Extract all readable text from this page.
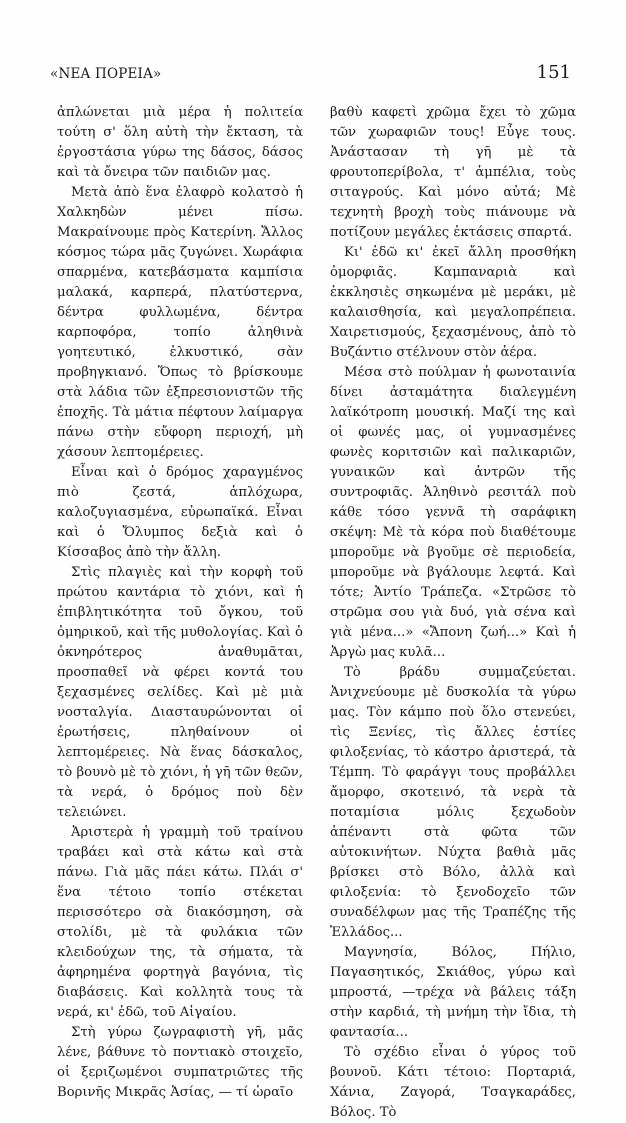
«ΝΕΑ ΠΟΡΕΙΑ»	151

ἁπλώνεται μιὰ μέρα ἡ πολιτεία τούτη σ' ὅλη αὐτὴ τὴν ἔκταση, τὰ ἐργοστάσια γύρω της δάσος, δάσος καὶ τὰ ὄνειρα τῶν παιδιῶν μας.

Μετὰ ἀπὸ ἕνα ἐλαφρὸ κολατσὸ ἡ Χαλκηδὼν μένει πίσω. Μακραίνουμε πρὸς Κατερίνη. Ἄλλος κόσμος τώρα μᾶς ζυγώνει. Χωράφια σπαρμένα, κατεβάσματα καμπίσια μαλακά, καρπερά, πλατύστερνα, δέντρα φυλλωμένα, δέντρα καρποφόρα, τοπίο ἀληθινὰ γοητευτικό, ἑλκυστικό, σὰν προβηγκιανό. Ὅπως τὸ βρίσκουμε στὰ λάδια τῶν ἐξπρεσιονιστῶν τῆς ἐποχῆς. Τὰ μάτια πέφτουν λαίμαργα πάνω στὴν εὔφορη περιοχή, μὴ χάσουν λεπτομέρειες.

Εἶναι καὶ ὁ δρόμος χαραγμένος πιὸ ζεστά, ἁπλόχωρα, καλοζυγιασμένα, εὐρωπαϊκά. Εἶναι καὶ ὁ Ὄλυμπος δεξιὰ καὶ ὁ Κίσσαβος ἀπὸ τὴν ἄλλη.

Στὶς πλαγιὲς καὶ τὴν κορφὴ τοῦ πρώτου καντάρια τὸ χιόνι, καὶ ἡ ἐπιβλητικότητα τοῦ ὄγκου, τοῦ ὀμηρικοῦ, καὶ τῆς μυθολογίας. Καὶ ὁ ὀκνηρότερος ἀναθυμᾶται, προσπαθεῖ νὰ φέρει κοντά του ξεχασμένες σελίδες. Καὶ μὲ μιὰ νοσταλγία. Διασταυρώνονται οἱ ἐρωτήσεις, πληθαίνουν οἱ λεπτομέρειες. Νὰ ἕνας δάσκαλος, τὸ βουνὸ μὲ τὸ χιόνι, ἡ γῆ τῶν θεῶν, τὰ νερά, ὁ δρόμος ποὺ δὲν τελειώνει.

Ἀριστερὰ ἡ γραμμὴ τοῦ τραίνου τραβάει καὶ στὰ κάτω καὶ στὰ πάνω. Γιὰ μᾶς πάει κάτω. Πλάι σ' ἕνα τέτοιο τοπίο στέκεται περισσότερο σὰ διακόσμηση, σὰ στολίδι, μὲ τὰ φυλάκια τῶν κλειδούχων της, τὰ σήματα, τὰ ἀφηρημένα φορτηγὰ βαγόνια, τὶς διαβάσεις. Καὶ κολλητὰ τους τὰ νερά, κι' ἐδῶ, τοῦ Αἰγαίου.

Στὴ γύρω ζωγραφιστὴ γῆ, μᾶς λένε, βάθυνε τὸ ποντιακὸ στοιχεῖο, οἱ ξεριζωμένοι συμπατριῶτες τῆς Βορινῆς Μικρᾶς Ἀσίας, — τί ὡραῖο

βαθὺ καφετὶ χρῶμα ἔχει τὸ χῶμα τῶν χωραφιῶν τους! Εὖγε τους. Ἀνάστασαν τὴ γῆ μὲ τὰ φρουτοπερίβολα, τ' ἀμπέλια, τοὺς σιταγρούς. Καὶ μόνο αὐτά; Μὲ τεχνητὴ βροχὴ τοὺς πιάνουμε νὰ ποτίζουν μεγάλες ἐκτάσεις σπαρτά.

Κι' ἐδῶ κι' ἐκεῖ ἄλλη προσθήκη ὀμορφιᾶς. Καμπαναριὰ καὶ ἐκκλησιὲς σηκωμένα μὲ μεράκι, μὲ καλαισθησία, καὶ μεγαλοπρέπεια. Χαιρετισμούς, ξεχασμένους, ἀπὸ τὸ Βυζάντιο στέλνουν στὸν ἀέρα.

Μέσα στὸ πούλμαν ἡ φωνοταινία δίνει ἀσταμάτητα διαλεγμένη λαϊκότροπη μουσική. Μαζί της καὶ οἱ φωνές μας, οἱ γυμνασμένες φωνὲς κοριτσιῶν καὶ παλικαριῶν, γυναικῶν καὶ ἀντρῶν τῆς συντροφιᾶς. Ἀληθινὸ ρεσιτάλ ποὺ κάθε τόσο γεννᾶ τὴ σαράφικη σκέψη: Μὲ τὰ κόρα ποὺ διαθέτουμε μποροῦμε νὰ βγοῦμε σὲ περιοδεία, μποροῦμε νὰ βγάλουμε λεφτά. Καὶ τότε; Ἀντίο Τράπεζα. «Στρῶσε τὸ στρῶμα σου γιὰ δυό, γιὰ σένα καὶ γιὰ μένα...» «Ἄπονη ζωή...» Καὶ ἡ Ἀργὼ μας κυλᾶ...

Τὸ βράδυ συμμαζεύεται. Ἀνιχνεύουμε μὲ δυσκολία τὰ γύρω μας. Τὸν κάμπο ποὺ ὅλο στενεύει, τὶς Ξενίες, τὶς ἄλλες ἑστίες φιλοξενίας, τὸ κάστρο ἀριστερά, τὰ Τέμπη. Τὸ φαράγγι τους προβάλλει ἄμορφο, σκοτεινό, τὰ νερὰ τὰ ποταμίσια μόλις ξεχωδοὺν ἀπέναντι στὰ φῶτα τῶν αὐτοκινήτων. Νύχτα βαθιὰ μᾶς βρίσκει στὸ Βόλο, ἀλλὰ καὶ φιλοξενία: τὸ ξενοδοχεῖο τῶν συναδέλφων μας τῆς Τραπέζης τῆς Ἑλλάδος...

Μαγνησία, Βόλος, Πήλιο, Παγασητικός, Σκιάθος, γύρω καὶ μπροστά, —τρέχα νὰ βάλεις τάξη στὴν καρδιά, τὴ μνήμη τὴν ἴδια, τὴ φαντασία...

Τὸ σχέδιο εἶναι ὁ γύρος τοῦ βουνοῦ. Κάτι τέτοιο: Πορταριά, Χάνια, Ζαγορά, Τσαγκαράδες, Βόλος. Τὸ
